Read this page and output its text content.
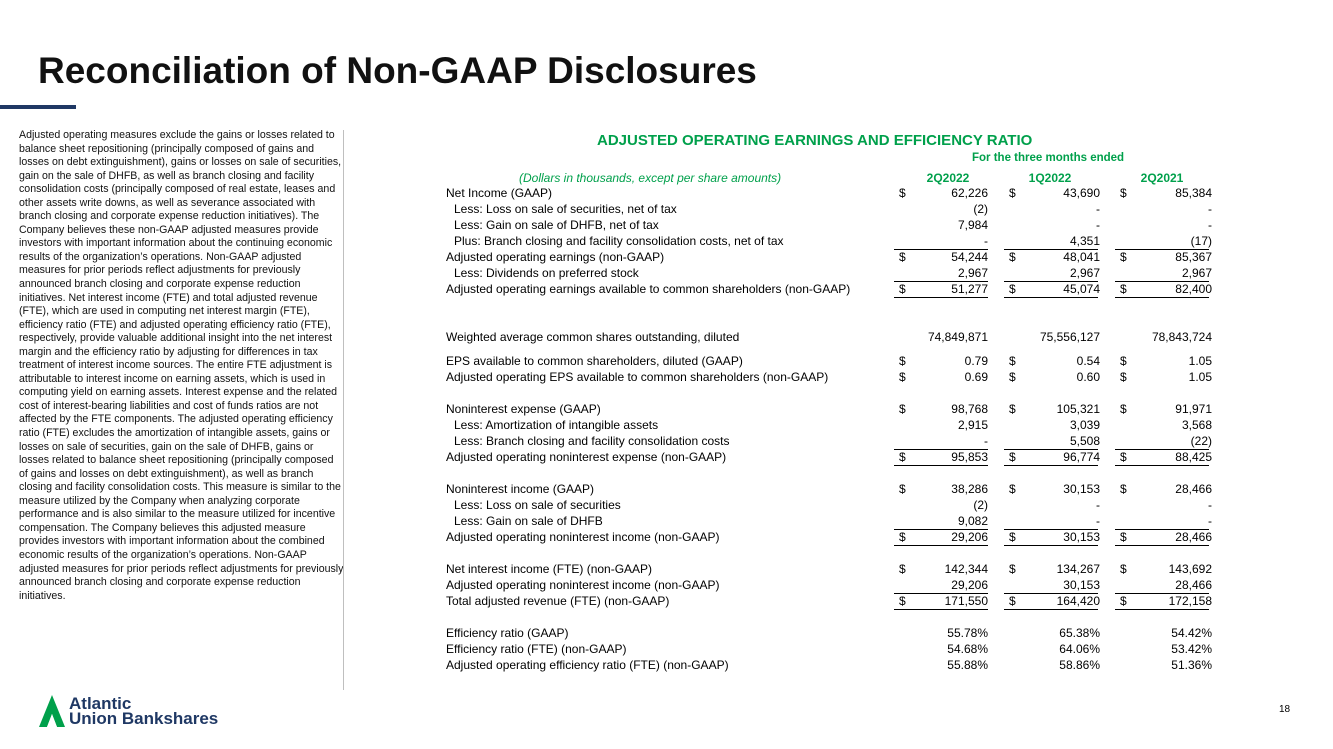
Reconciliation of Non-GAAP Disclosures
Adjusted operating measures exclude the gains or losses related to balance sheet repositioning (principally composed of gains and losses on debt extinguishment), gains or losses on sale of securities, gain on the sale of DHFB, as well as branch closing and facility consolidation costs (principally composed of real estate, leases and other assets write downs, as well as severance associated with branch closing and corporate expense reduction initiatives). The Company believes these non-GAAP adjusted measures provide investors with important information about the continuing economic results of the organization’s operations. Non-GAAP adjusted measures for prior periods reflect adjustments for previously announced branch closing and corporate expense reduction initiatives. Net interest income (FTE) and total adjusted revenue (FTE), which are used in computing net interest margin (FTE), efficiency ratio (FTE) and adjusted operating efficiency ratio (FTE), respectively, provide valuable additional insight into the net interest margin and the efficiency ratio by adjusting for differences in tax treatment of interest income sources. The entire FTE adjustment is attributable to interest income on earning assets, which is used in computing yield on earning assets. Interest expense and the related cost of interest-bearing liabilities and cost of funds ratios are not affected by the FTE components. The adjusted operating efficiency ratio (FTE) excludes the amortization of intangible assets, gains or losses on sale of securities, gain on the sale of DHFB, gains or losses related to balance sheet repositioning (principally composed of gains and losses on debt extinguishment), as well as branch closing and facility consolidation costs. This measure is similar to the measure utilized by the Company when analyzing corporate performance and is also similar to the measure utilized for incentive compensation. The Company believes this adjusted measure provides investors with important information about the combined economic results of the organization’s operations. Non-GAAP adjusted measures for prior periods reflect adjustments for previously announced branch closing and corporate expense reduction initiatives.
ADJUSTED OPERATING EARNINGS AND EFFICIENCY RATIO
For the three months ended
(Dollars in thousands, except per share amounts)	2Q2022	1Q2022	2Q2021
Net Income (GAAP)	$	62,226 $	43,690 $	85,384
Less: Loss on sale of securities, net of tax	(2)	-	-
Less: Gain on sale of DHFB, net of tax	7,984	-	-
Plus: Branch closing and facility consolidation costs, net of tax	-	4,351	(17)
Adjusted operating earnings (non-GAAP)	$	54,244 $	48,041 $	85,367
Less: Dividends on preferred stock	2,967	2,967	2,967
Adjusted operating earnings available to common shareholders (non-GAAP)	$	51,277 $	45,074 $	82,400
Weighted average common shares outstanding, diluted	74,849,871	75,556,127	78,843,724
EPS available to common shareholders, diluted (GAAP)	$	0.79 $	0.54 $	1.05
Adjusted operating EPS available to common shareholders (non-GAAP)	$	0.69 $	0.60 $	1.05
Noninterest expense (GAAP)	$	98,768 $	105,321 $	91,971
Less: Amortization of intangible assets	2,915	3,039	3,568
Less: Branch closing and facility consolidation costs	-	5,508	(22)
Adjusted operating noninterest expense (non-GAAP)	$	95,853 $	96,774 $	88,425
Noninterest income (GAAP)	$	38,286 $	30,153 $	28,466
Less: Loss on sale of securities	(2)	-	-
Less: Gain on sale of DHFB	9,082	-	-
Adjusted operating noninterest income (non-GAAP)	$	29,206 $	30,153 $	28,466
Net interest income (FTE) (non-GAAP)	$	142,344 $	134,267 $	143,692
Adjusted operating noninterest income (non-GAAP)	29,206	30,153	28,466
Total adjusted revenue (FTE) (non-GAAP)	$	171,550 $	164,420 $	172,158
Efficiency ratio (GAAP)	55.78%	65.38%	54.42%
Efficiency ratio (FTE) (non-GAAP)	54.68%	64.06%	53.42%
Adjusted operating efficiency ratio (FTE) (non-GAAP)	55.88%	58.86%	51.36%
Atlantic
Union Bankshares	18
